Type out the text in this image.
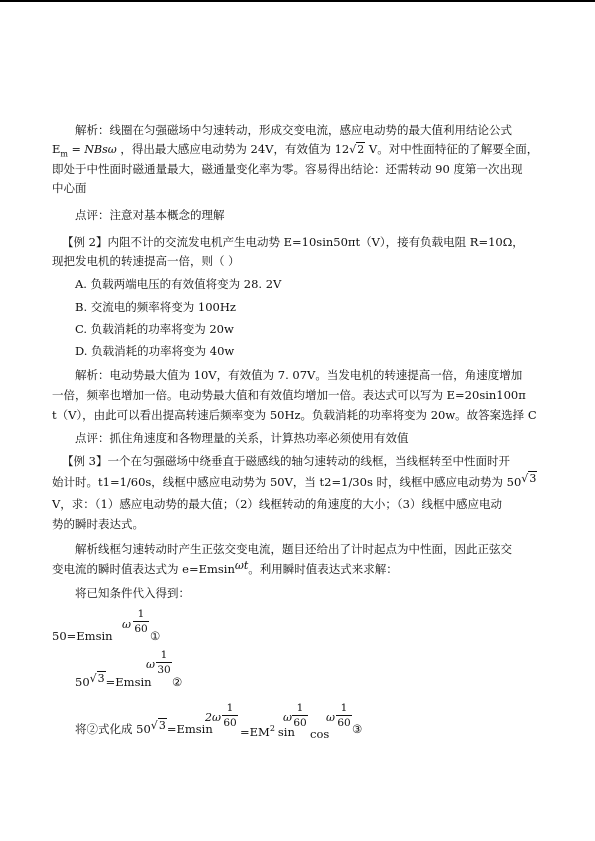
解析：线圈在匀强磁场中匀速转动，形成交变电流，感应电动势的最大值利用结论公式
$E_m = NBs\omega$ ，得出最大感应电动势为 24V，有效值为 12√2 V。对中性面特征的了解要全面，
即处于中性面时磁通量最大，磁通量变化率为零。容易得出结论：还需转动 90 度第一次出现
中心面
点评：注意对基本概念的理解
【例 2】内阻不计的交流发电机产生电动势 E=10sin50πt（V），接有负载电阻 R=10Ω，
现把发电机的转速提高一倍，则（ ）
A. 负载两端电压的有效值将变为 28. 2V
B. 交流电的频率将变为 100Hz
C. 负载消耗的功率将变为 20w
D. 负载消耗的功率将变为 40w
解析：电动势最大值为 10V，有效值为 7. 07V。当发电机的转速提高一倍，角速度增加
一倍，频率也增加一倍。电动势最大值和有效值均增加一倍。表达式可以写为 E=20sin100π
t（V），由此可以看出提高转速后频率变为 50Hz。负载消耗的功率将变为 20w。故答案选择 C
点评：抓住角速度和各物理量的关系，计算热功率必须使用有效值
【例 3】一个在匀强磁场中绕垂直于磁感线的轴匀速转动的线框，当线框转至中性面时开
始计时。t1=1/60s，线框中感应电动势为 50V，当 t2=1/30s 时，线框中感应电动势为 50√3
V，求：（1）感应电动势的最大值；（2）线框转动的角速度的大小；（3）线框中感应电动
势的瞬时表达式。
解析线框匀速转动时产生正弦交变电流，题目还给出了计时起点为中性面，因此正弦交
变电流的瞬时值表达式为 e=Emsinωt。利用瞬时值表达式来求解：
将已知条件代入得到：
50=Emsin
ω
1
60 ①
50√3=Emsin
ω
1
30
②
将②式化成 50√3=Emsin
2ω
1
60
$=EM^2$ sin
ω
1
60
cos
ω
1
60 ③
